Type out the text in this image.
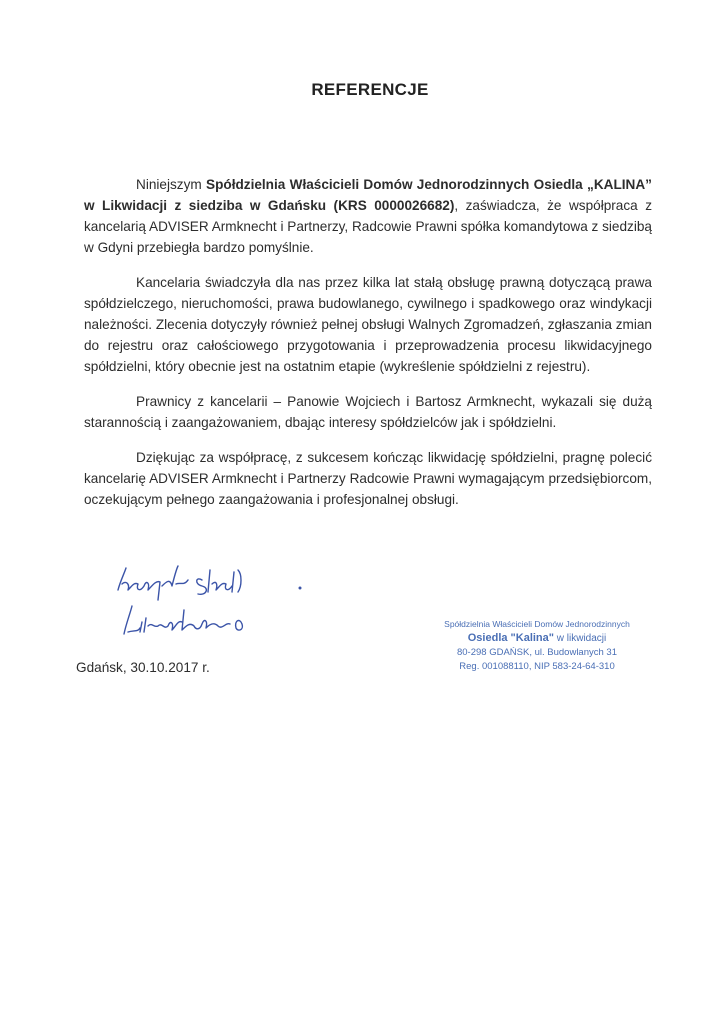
REFERENCJE

Niniejszym Spółdzielnia Właścicieli Domów Jednorodzinnych Osiedla „KALINA” w Likwidacji z siedziba w Gdańsku (KRS 0000026682), zaświadcza, że współpraca z kancelarią ADVISER Armknecht i Partnerzy, Radcowie Prawni spółka komandytowa z siedzibą w Gdyni przebiegła bardzo pomyślnie.

Kancelaria świadczyła dla nas przez kilka lat stałą obsługę prawną dotyczącą prawa spółdzielczego, nieruchomości, prawa budowlanego, cywilnego i spadkowego oraz windykacji należności. Zlecenia dotyczyły również pełnej obsługi Walnych Zgromadzeń, zgłaszania zmian do rejestru oraz całościowego przygotowania i przeprowadzenia procesu likwidacyjnego spółdzielni, który obecnie jest na ostatnim etapie (wykreślenie spółdzielni z rejestru).

Prawnicy z kancelarii – Panowie Wojciech i Bartosz Armknecht, wykazali się dużą starannością i zaangażowaniem, dbając interesy spółdzielców jak i spółdzielni.

Dziękując za współpracę, z sukcesem kończąc likwidację spółdzielni, pragnę polecić kancelarię ADVISER Armknecht i Partnerzy Radcowie Prawni wymagającym przedsiębiorcom, oczekującym pełnego zaangażowania i profesjonalnej obsługi.

Gdańsk, 30.10.2017 r.
Spółdzielnia Właścicieli Domów Jednorodzinnych
Osiedla "Kalina" w likwidacji
80-298 GDAŃSK, ul. Budowlanych 31
Reg. 001088110, NIP 583-24-64-310
